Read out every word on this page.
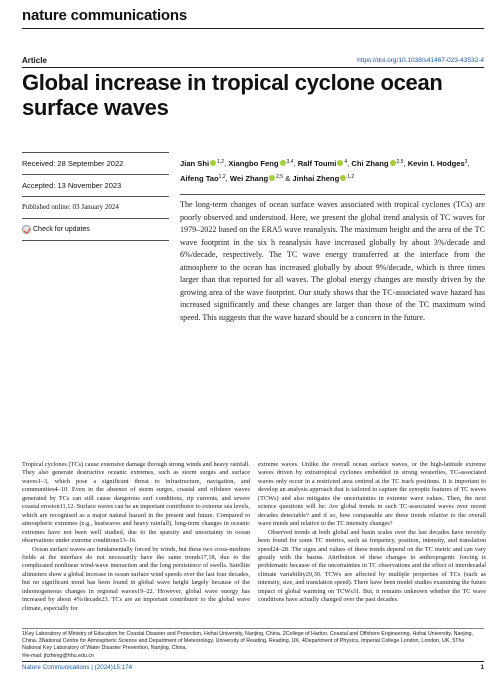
nature communications
Article	https://doi.org/10.1038/s41467-023-43532-4
Global increase in tropical cyclone ocean surface waves
Received: 28 September 2022
Accepted: 13 November 2023
Published online: 03 January 2024
Check for updates
Jian Shi $^{1,2}$, Xiangbo Feng $^{3,4}$, Ralf Toumi $^4$, Chi Zhang $^{2,5}$, Kevin I. Hodges$^3$, Aifeng Tao$^{1,2}$, Wei Zhang $^{2,5}$ & Jinhai Zheng $^{1,2}$

The long-term changes of ocean surface waves associated with tropical cyclones (TCs) are poorly observed and understood. Here, we present the global trend analysis of TC waves for 1979–2022 based on the ERA5 wave reanalysis. The maximum height and the area of the TC wave footprint in the six h reanalysis have increased globally by about 3%/decade and 6%/decade, respectively. The TC wave energy transferred at the interface from the atmosphere to the ocean has increased globally by about 9%/decade, which is three times larger than that reported for all waves. The global energy changes are mostly driven by the growing area of the wave footprint. Our study shows that the TC-associated wave hazard has increased significantly and these changes are larger than those of the TC maximum wind speed. This suggests that the wave hazard should be a concern in the future.

Tropical cyclones (TCs) cause extensive damage through strong winds and heavy rainfall. They also generate destructive oceanic extremes, such as storm surges and surface waves1–3, which pose a significant threat to infrastructure, navigation, and communities4–10. Even in the absence of storm surges, coastal and offshore waves generated by TCs can still cause dangerous surf conditions, rip currents, and severe coastal erosion11,12. Surface waves can be an important contributor to extreme sea levels, which are recognised as a major natural hazard in the present and future. Compared to atmospheric extremes (e.g., heatwaves and heavy rainfall), long-term changes in oceanic extremes have not been well studied, due to the sparsity and uncertainty in ocean observations under extreme conditions13–16.

Ocean surface waves are fundamentally forced by winds, but these two cross-medium fields at the interface do not necessarily have the same trends17,18, due to the complicated nonlinear wind-wave interaction and the long persistence of swells. Satellite altimeters show a global increase in ocean surface wind speeds over the last four decades, but no significant trend has been found in global wave height largely because of the inhomogeneous changes in regional waves19–22. However, global wave energy has increased by about 4%/decade23. TCs are an important contributor to the global wave climate, especially for

extreme waves. Unlike the overall ocean surface waves, or the high-latitude extreme waves driven by extratropical cyclones embedded in strong westerlies, TC-associated waves only occur in a restricted area centred at the TC track positions. It is important to develop an analysis approach that is tailored to capture the synoptic features of TC waves (TCWs) and also mitigates the uncertainties in extreme wave values. Then, the next science questions will be: Are global trends in such TC-associated waves over recent decades detectable? and if so, how comparable are these trends relative to the overall wave trends and relative to the TC intensity changes?

Observed trends at both global and basin scales over the last decades have recently been found for some TC metrics, such as frequency, position, intensity, and translation speed24–28. The signs and values of these trends depend on the TC metric and can vary greatly with the basins. Attribution of these changes to anthropogenic forcing is problematic because of the uncertainties in TC observations and the effect of interdecadal climate variability29,30. TCWs are affected by multiple properties of TCs (such as intensity, size, and translation speed). There have been model studies examining the future impact of global warming on TCWs31. But, it remains unknown whether the TC wave conditions have actually changed over the past decades.

1Key Laboratory of Ministry of Education for Coastal Disaster and Protection, Hohai University, Nanjing, China. 2College of Harbor, Coastal and Offshore Engineering, Hohai University, Nanjing, China. 3National Centre for Atmospheric Science and Department of Meteorology, University of Reading, Reading, UK. 4Department of Physics, Imperial College London, London, UK. 5The National Key Laboratory of Water Disaster Prevention, Nanjing, China.
✉e-mail: jhzheng@hhu.edu.cn
Nature Communications | (2024)15:174	1
